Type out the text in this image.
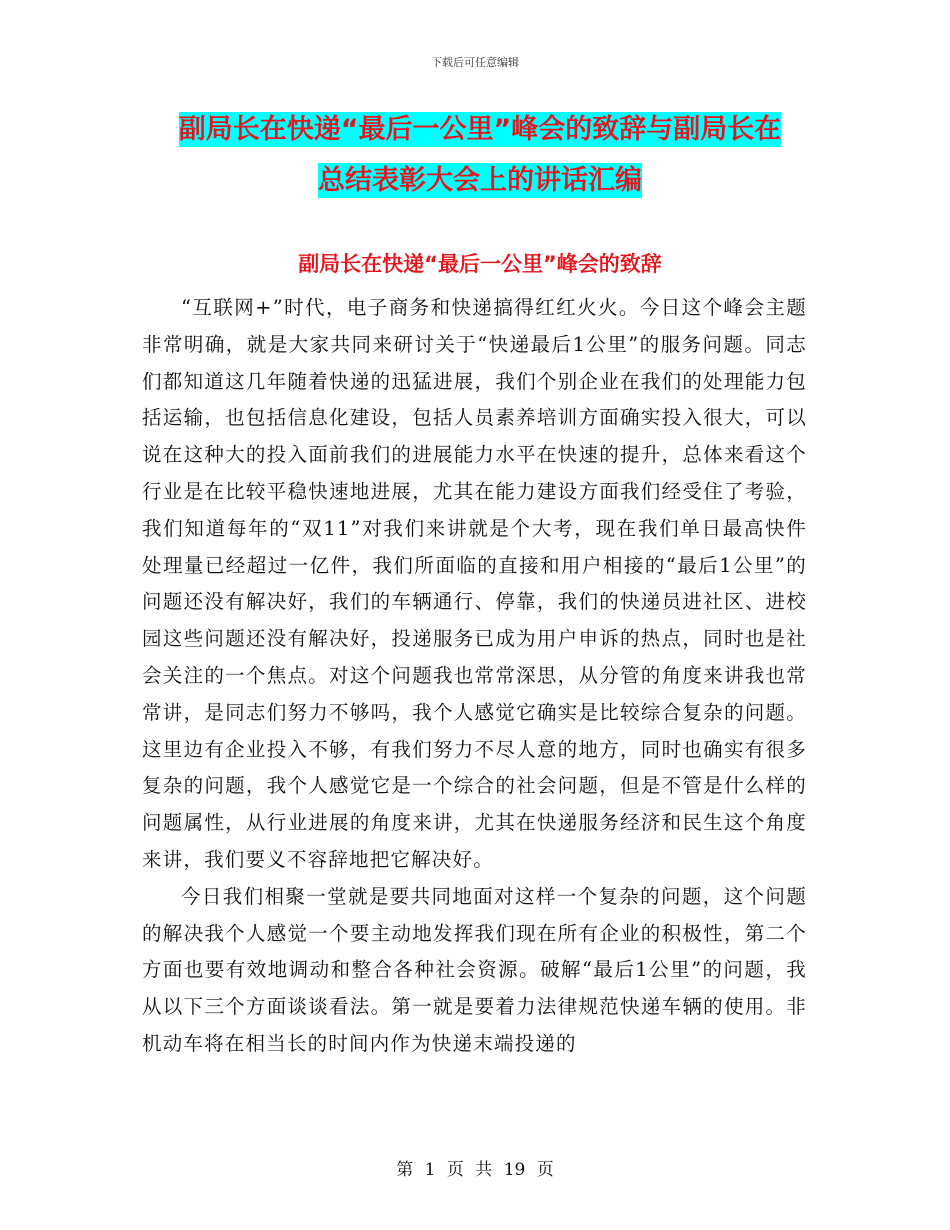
下载后可任意编辑
副局长在快递“最后一公里”峰会的致辞与副局长在
总结表彰大会上的讲话汇编
副局长在快递“最后一公里”峰会的致辞

“互联网+”时代，电子商务和快递搞得红红火火。今日这个峰会主题非常明确，就是大家共同来研讨关于“快递最后1公里”的服务问题。同志们都知道这几年随着快递的迅猛进展，我们个别企业在我们的处理能力包括运输，也包括信息化建设，包括人员素养培训方面确实投入很大，可以说在这种大的投入面前我们的进展能力水平在快速的提升，总体来看这个行业是在比较平稳快速地进展，尤其在能力建设方面我们经受住了考验，我们知道每年的“双11”对我们来讲就是个大考，现在我们单日最高快件处理量已经超过一亿件，我们所面临的直接和用户相接的“最后1公里”的问题还没有解决好，我们的车辆通行、停靠，我们的快递员进社区、进校园这些问题还没有解决好，投递服务已成为用户申诉的热点，同时也是社会关注的一个焦点。对这个问题我也常常深思，从分管的角度来讲我也常常讲，是同志们努力不够吗，我个人感觉它确实是比较综合复杂的问题。这里边有企业投入不够，有我们努力不尽人意的地方，同时也确实有很多复杂的问题，我个人感觉它是一个综合的社会问题，但是不管是什么样的问题属性，从行业进展的角度来讲，尤其在快递服务经济和民生这个角度来讲，我们要义不容辞地把它解决好。

今日我们相聚一堂就是要共同地面对这样一个复杂的问题，这个问题的解决我个人感觉一个要主动地发挥我们现在所有企业的积极性，第二个方面也要有效地调动和整合各种社会资源。破解“最后1公里”的问题，我从以下三个方面谈谈看法。第一就是要着力法律规范快递车辆的使用。非机动车将在相当长的时间内作为快递末端投递的

第 1 页 共 19 页
